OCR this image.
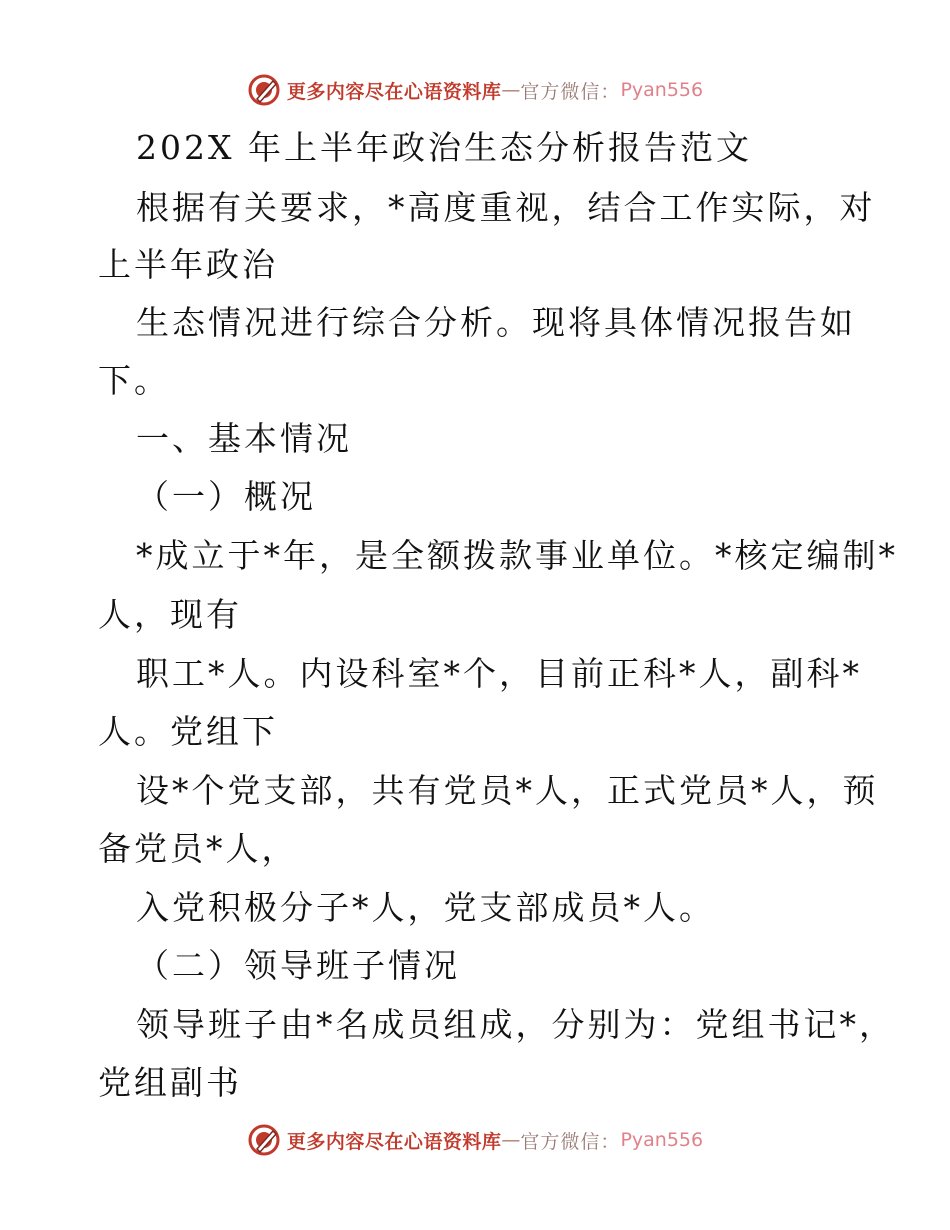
更多内容尽在心语资料库 — 官方微信： Pyan556
202X 年上半年政治生态分析报告范文
根据有关要求，*高度重视，结合工作实际，对
上半年政治
生态情况进行综合分析。现将具体情况报告如
下。
一、基本情况
（一）概况
*成立于*年，是全额拨款事业单位。*核定编制*
人，现有
职工*人。内设科室*个，目前正科*人，副科*
人。党组下
设*个党支部，共有党员*人，正式党员*人，预
备党员*人，
入党积极分子*人，党支部成员*人。
（二）领导班子情况
领导班子由*名成员组成，分别为：党组书记*，
党组副书
更多内容尽在心语资料库 — 官方微信： Pyan556
